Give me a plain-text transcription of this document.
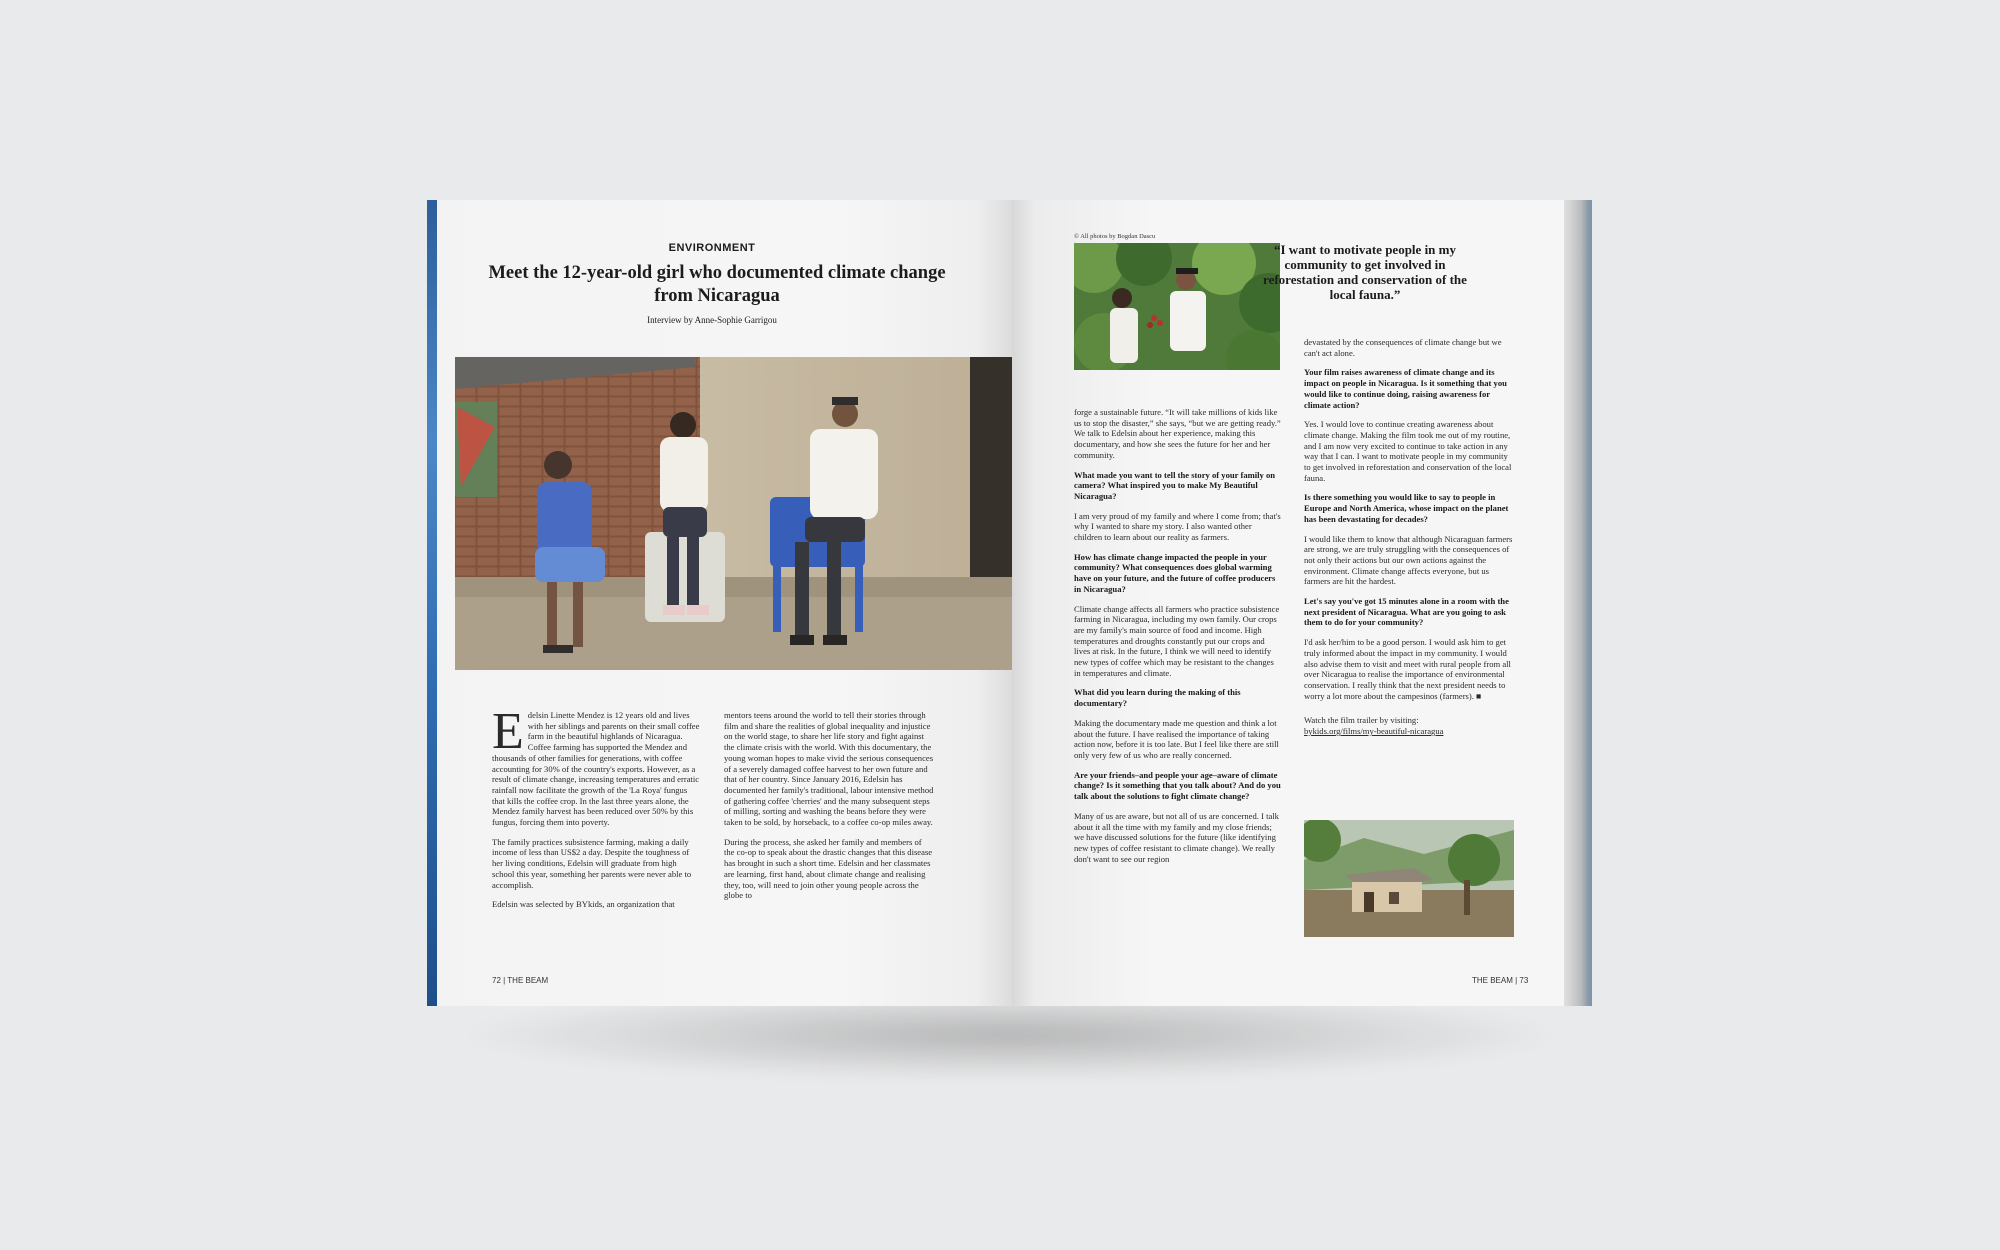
ENVIRONMENT
Meet the 12-year-old girl who documented climate change from Nicaragua
Interview by Anne-Sophie Garrigou

Edelsin Linette Mendez is 12 years old and lives with her siblings and parents on their small coffee farm in the beautiful highlands of Nicaragua. Coffee farming has supported the Mendez and thousands of other families for generations, with coffee accounting for 30% of the country's exports. However, as a result of climate change, increasing temperatures and erratic rainfall now facilitate the growth of the 'La Roya' fungus that kills the coffee crop. In the last three years alone, the Mendez family harvest has been reduced over 50% by this fungus, forcing them into poverty.

The family practices subsistence farming, making a daily income of less than US$2 a day. Despite the toughness of her living conditions, Edelsin will graduate from high school this year, something her parents were never able to accomplish.

Edelsin was selected by BYkids, an organization that

mentors teens around the world to tell their stories through film and share the realities of global inequality and injustice on the world stage, to share her life story and fight against the climate crisis with the world. With this documentary, the young woman hopes to make vivid the serious consequences of a severely damaged coffee harvest to her own future and that of her country. Since January 2016, Edelsin has documented her family's traditional, labour intensive method of gathering coffee 'cherries' and the many subsequent steps of milling, sorting and washing the beans before they were taken to be sold, by horseback, to a coffee co-op miles away.

During the process, she asked her family and members of the co-op to speak about the drastic changes that this disease has brought in such a short time. Edelsin and her classmates are learning, first hand, about climate change and realising they, too, will need to join other young people across the globe to

72 | THE BEAM
© All photos by Bogdan Dascu
“I want to motivate people in my community to get involved in reforestation and conservation of the local fauna.”

forge a sustainable future. “It will take millions of kids like us to stop the disaster,” she says, “but we are getting ready.” We talk to Edelsin about her experience, making this documentary, and how she sees the future for her and her community.

What made you want to tell the story of your family on camera? What inspired you to make My Beautiful Nicaragua?

I am very proud of my family and where I come from; that's why I wanted to share my story. I also wanted other children to learn about our reality as farmers.

How has climate change impacted the people in your community? What consequences does global warming have on your future, and the future of coffee producers in Nicaragua?

Climate change affects all farmers who practice subsistence farming in Nicaragua, including my own family. Our crops are my family's main source of food and income. High temperatures and droughts constantly put our crops and lives at risk. In the future, I think we will need to identify new types of coffee which may be resistant to the changes in temperatures and climate.

What did you learn during the making of this documentary?

Making the documentary made me question and think a lot about the future. I have realised the importance of taking action now, before it is too late. But I feel like there are still only very few of us who are really concerned.

Are your friends–and people your age–aware of climate change? Is it something that you talk about? And do you talk about the solutions to fight climate change?

Many of us are aware, but not all of us are concerned. I talk about it all the time with my family and my close friends; we have discussed solutions for the future (like identifying new types of coffee resistant to climate change). We really don't want to see our region

devastated by the consequences of climate change but we can't act alone.

Your film raises awareness of climate change and its impact on people in Nicaragua. Is it something that you would like to continue doing, raising awareness for climate action?

Yes. I would love to continue creating awareness about climate change. Making the film took me out of my routine, and I am now very excited to continue to take action in any way that I can. I want to motivate people in my community to get involved in reforestation and conservation of the local fauna.

Is there something you would like to say to people in Europe and North America, whose impact on the planet has been devastating for decades?

I would like them to know that although Nicaraguan farmers are strong, we are truly struggling with the consequences of not only their actions but our own actions against the environment. Climate change affects everyone, but us farmers are hit the hardest.

Let's say you've got 15 minutes alone in a room with the next president of Nicaragua. What are you going to ask them to do for your community?

I'd ask her/him to be a good person. I would ask him to get truly informed about the impact in my community. I would also advise them to visit and meet with rural people from all over Nicaragua to realise the importance of environmental conservation. I really think that the next president needs to worry a lot more about the campesinos (farmers). ■

Watch the film trailer by visiting:
bykids.org/films/my-beautiful-nicaragua
THE BEAM | 73
